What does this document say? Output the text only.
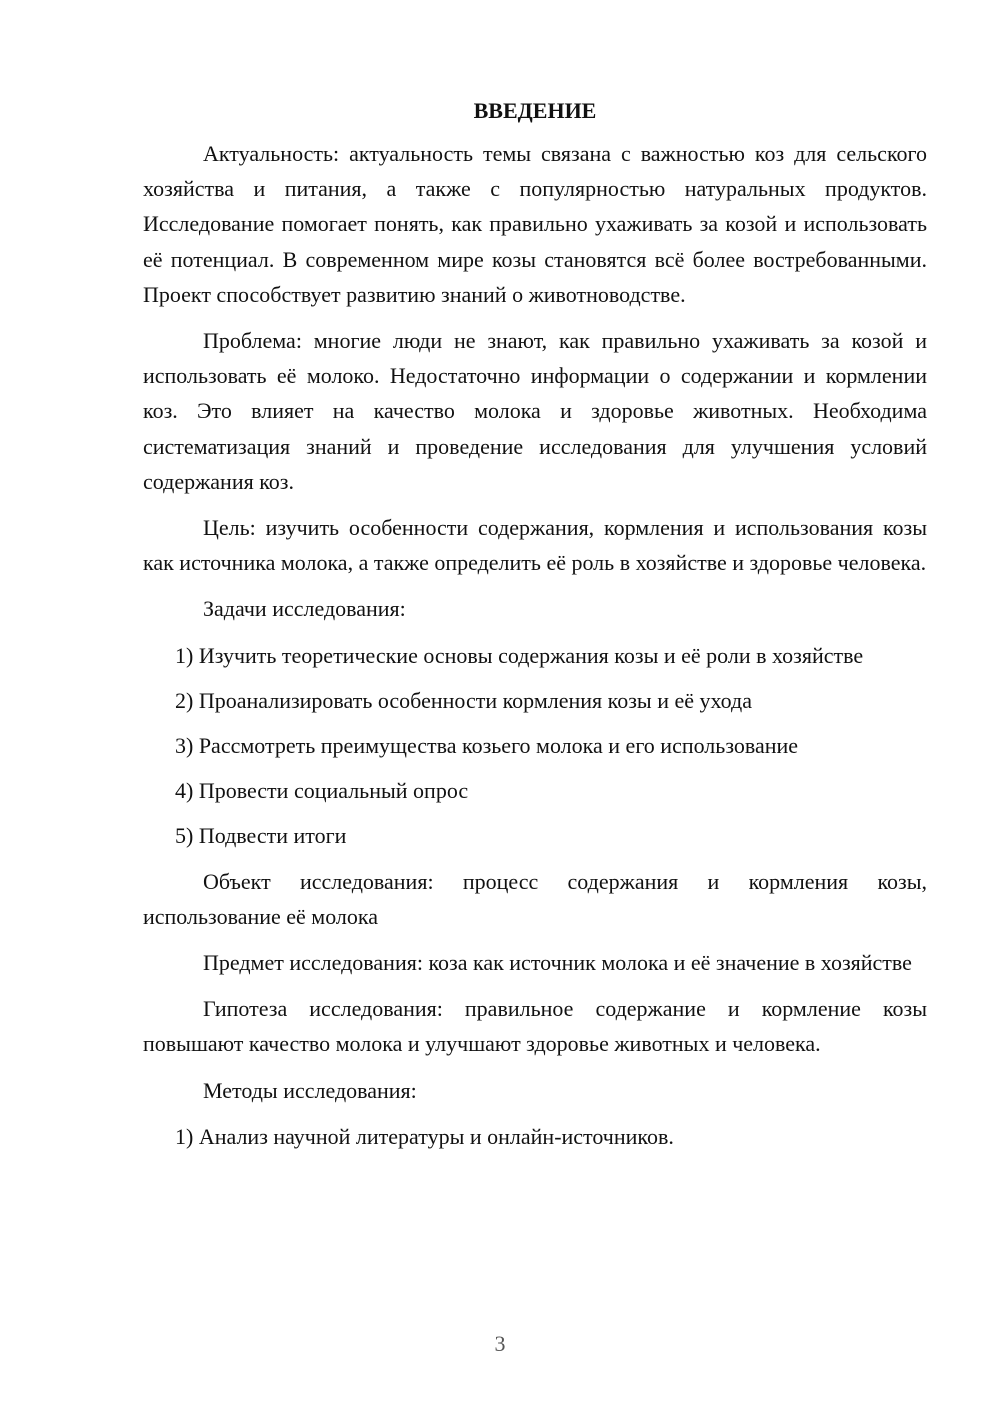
ВВЕДЕНИЕ

Актуальность: актуальность темы связана с важностью коз для сельского хозяйства и питания, а также с популярностью натуральных продуктов. Исследование помогает понять, как правильно ухаживать за козой и использовать её потенциал. В современном мире козы становятся всё более востребованными. Проект способствует развитию знаний о животноводстве.

Проблема: многие люди не знают, как правильно ухаживать за козой и использовать её молоко. Недостаточно информации о содержании и кормлении коз. Это влияет на качество молока и здоровье животных. Необходима систематизация знаний и проведение исследования для улучшения условий содержания коз.

Цель: изучить особенности содержания, кормления и использования козы как источника молока, а также определить её роль в хозяйстве и здоровье человека.

Задачи исследования:

1) Изучить теоретические основы содержания козы и её роли в хозяйстве

2) Проанализировать особенности кормления козы и её ухода

3) Рассмотреть преимущества козьего молока и его использование

4) Провести социальный опрос

5) Подвести итоги

Объект исследования: процесс содержания и кормления козы, использование её молока

Предмет исследования: коза как источник молока и её значение в хозяйстве

Гипотеза исследования: правильное содержание и кормление козы повышают качество молока и улучшают здоровье животных и человека.

Методы исследования:

1) Анализ научной литературы и онлайн-источников.

3
